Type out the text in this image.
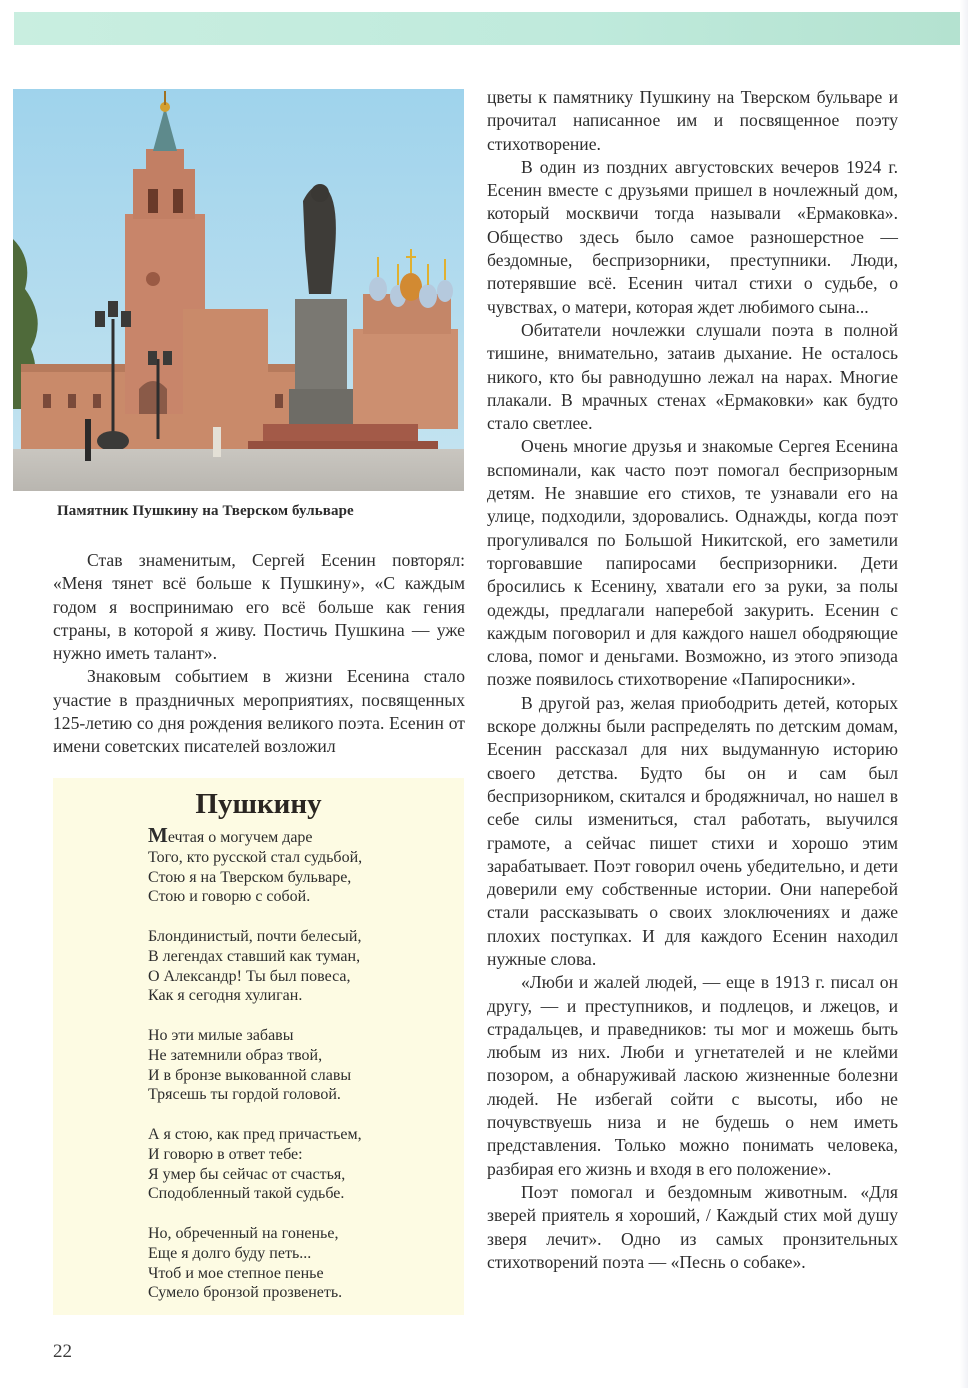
Памятник Пушкину на Тверском бульваре

Став знаменитым, Сергей Есенин повторял: «Меня тянет всё больше к Пушкину», «С каждым годом я воспринимаю его всё больше как гения страны, в которой я живу. Постичь Пушкина — уже нужно иметь талант».

Знаковым событием в жизни Есенина стало участие в праздничных мероприятиях, посвященных 125-летию со дня рождения великого поэта. Есенин от имени советских писателей возложил

Пушкину
Мечтая о могучем даре
Того, кто русской стал судьбой,
Стою я на Тверском бульваре,
Стою и говорю с собой.
Блондинистый, почти белесый,
В легендах ставший как туман,
О Александр! Ты был повеса,
Как я сегодня хулиган.
Но эти милые забавы
Не затемнили образ твой,
И в бронзе выкованной славы
Трясешь ты гордой головой.
А я стою, как пред причастьем,
И говорю в ответ тебе:
Я умер бы сейчас от счастья,
Сподобленный такой судьбе.
Но, обреченный на гоненье,
Еще я долго буду петь...
Чтоб и мое степное пенье
Сумело бронзой прозвенеть.

цветы к памятнику Пушкину на Тверском бульваре и прочитал написанное им и посвященное поэту стихотворение.

В один из поздних августовских вечеров 1924 г. Есенин вместе с друзьями пришел в ночлежный дом, который москвичи тогда называли «Ермаковка». Общество здесь было самое разношерстное — бездомные, беспризорники, преступники. Люди, потерявшие всё. Есенин читал стихи о судьбе, о чувствах, о матери, которая ждет любимого сына...

Обитатели ночлежки слушали поэта в полной тишине, внимательно, затаив дыхание. Не осталось никого, кто бы равнодушно лежал на нарах. Многие плакали. В мрачных стенах «Ермаковки» как будто стало светлее.

Очень многие друзья и знакомые Сергея Есенина вспоминали, как часто поэт помогал беспризорным детям. Не знавшие его стихов, те узнавали его на улице, подходили, здоровались. Однажды, когда поэт прогуливался по Большой Никитской, его заметили торговавшие папиросами беспризорники. Дети бросились к Есенину, хватали его за руки, за полы одежды, предлагали наперебой закурить. Есенин с каждым поговорил и для каждого нашел ободряющие слова, помог и деньгами. Возможно, из этого эпизода позже появилось стихотворение «Папиросники».

В другой раз, желая приободрить детей, которых вскоре должны были распределять по детским домам, Есенин рассказал для них выдуманную историю своего детства. Будто бы он и сам был беспризорником, скитался и бродяжничал, но нашел в себе силы измениться, стал работать, выучился грамоте, а сейчас пишет стихи и хорошо этим зарабатывает. Поэт говорил очень убедительно, и дети доверили ему собственные истории. Они наперебой стали рассказывать о своих злоключениях и даже плохих поступках. И для каждого Есенин находил нужные слова.

«Люби и жалей людей, — еще в 1913 г. писал он другу, — и преступников, и подлецов, и лжецов, и страдальцев, и праведников: ты мог и можешь быть любым из них. Люби и угнетателей и не клейми позором, а обнаруживай ласкою жизненные болезни людей. Не избегай сойти с высоты, ибо не почувствуешь низа и не будешь о нем иметь представления. Только можно понимать человека, разбирая его жизнь и входя в его положение».

Поэт помогал и бездомным животным. «Для зверей приятель я хороший, / Каждый стих мой душу зверя лечит». Одно из самых пронзительных стихотворений поэта — «Песнь о собаке».

22
